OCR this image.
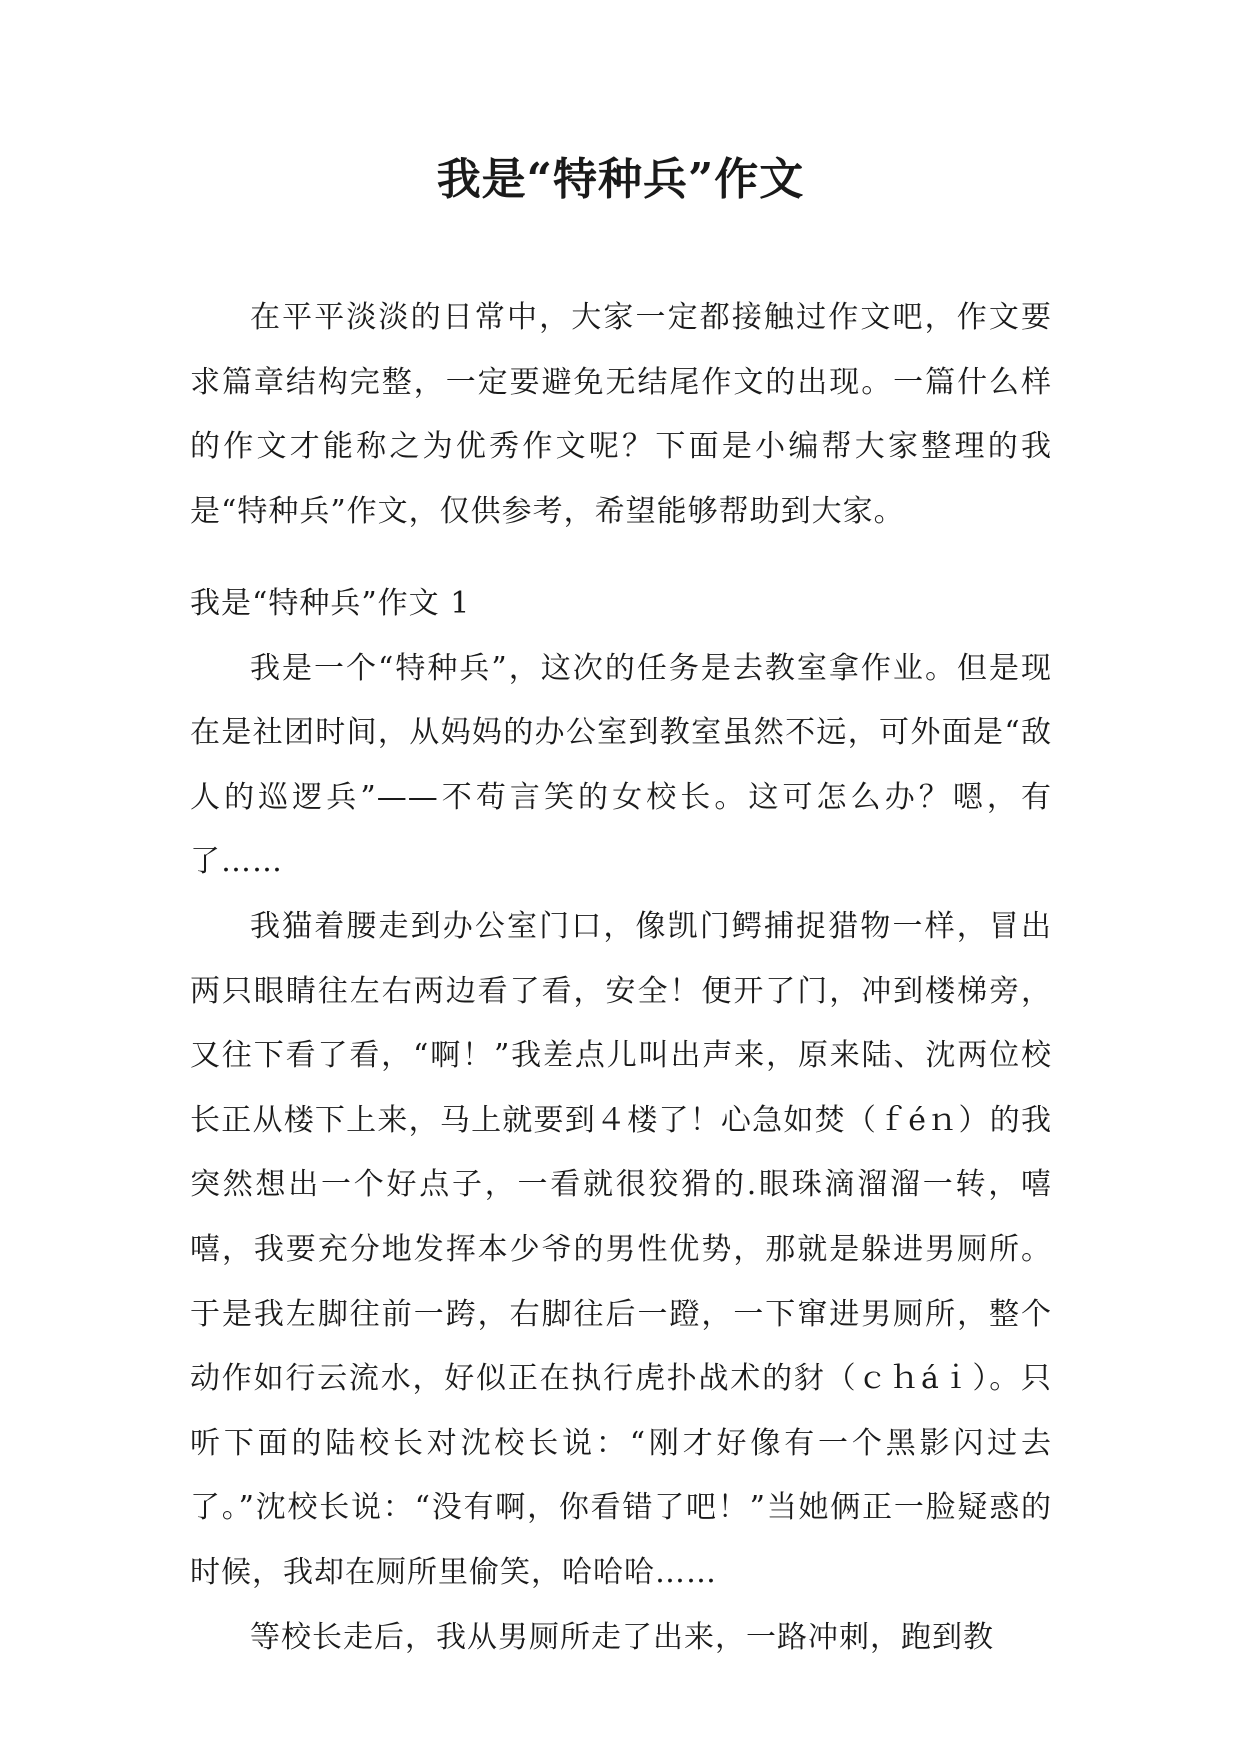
我是“特种兵”作文

在平平淡淡的日常中，大家一定都接触过作文吧，作文要求篇章结构完整，一定要避免无结尾作文的出现。一篇什么样的作文才能称之为优秀作文呢？下面是小编帮大家整理的我是“特种兵”作文，仅供参考，希望能够帮助到大家。

我是“特种兵”作文 1

我是一个“特种兵”，这次的任务是去教室拿作业。但是现在是社团时间，从妈妈的办公室到教室虽然不远，可外面是“敌人的巡逻兵”——不苟言笑的女校长。这可怎么办？嗯，有了……

我猫着腰走到办公室门口，像凯门鳄捕捉猎物一样，冒出两只眼睛往左右两边看了看，安全！便开了门，冲到楼梯旁，又往下看了看，“啊！”我差点儿叫出声来，原来陆、沈两位校长正从楼下上来，马上就要到４楼了！心急如焚（ｆéｎ）的我突然想出一个好点子，一看就很狡猾的.眼珠滴溜溜一转，嘻嘻，我要充分地发挥本少爷的男性优势，那就是躲进男厕所。于是我左脚往前一跨，右脚往后一蹬，一下窜进男厕所，整个动作如行云流水，好似正在执行虎扑战术的豺（ｃｈáｉ）。只听下面的陆校长对沈校长说：“刚才好像有一个黑影闪过去了。”沈校长说：“没有啊，你看错了吧！”当她俩正一脸疑惑的时候，我却在厕所里偷笑，哈哈哈……

等校长走后，我从男厕所走了出来，一路冲刺，跑到教
